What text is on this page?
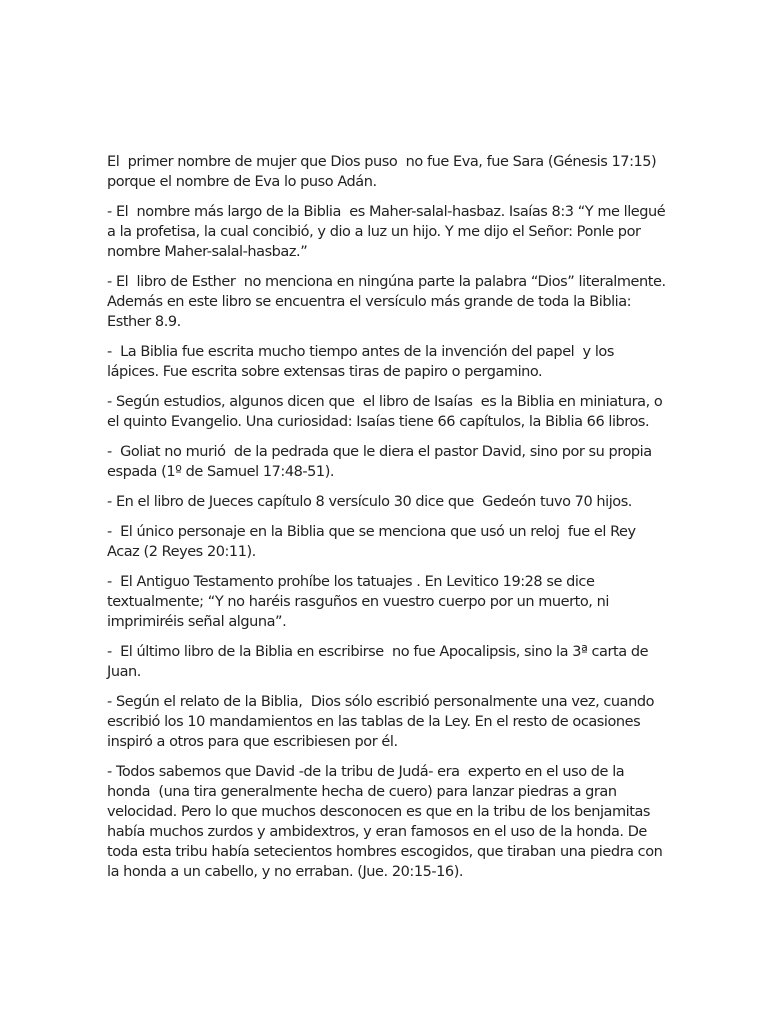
El  primer nombre de mujer que Dios puso  no fue Eva, fue Sara (Génesis 17:15) porque el nombre de Eva lo puso Adán.

- El  nombre más largo de la Biblia  es Maher-salal-hasbaz. Isaías 8:3 “Y me llegué a la profetisa, la cual concibió, y dio a luz un hijo. Y me dijo el Señor: Ponle por nombre Maher-salal-hasbaz.”

- El  libro de Esther  no menciona en ningúna parte la palabra “Dios” literalmente. Además en este libro se encuentra el versículo más grande de toda la Biblia: Esther 8.9.

-  La Biblia fue escrita mucho tiempo antes de la invención del papel  y los lápices. Fue escrita sobre extensas tiras de papiro o pergamino.

- Según estudios, algunos dicen que  el libro de Isaías  es la Biblia en miniatura, o el quinto Evangelio. Una curiosidad: Isaías tiene 66 capítulos, la Biblia 66 libros.

-  Goliat no murió  de la pedrada que le diera el pastor David, sino por su propia espada (1º de Samuel 17:48-51).

- En el libro de Jueces capítulo 8 versículo 30 dice que  Gedeón tuvo 70 hijos.

-  El único personaje en la Biblia que se menciona que usó un reloj  fue el Rey Acaz (2 Reyes 20:11).

-  El Antiguo Testamento prohíbe los tatuajes . En Levitico 19:28 se dice textualmente; “Y no haréis rasguños en vuestro cuerpo por un muerto, ni imprimiréis señal alguna”.

-  El último libro de la Biblia en escribirse  no fue Apocalipsis, sino la 3ª carta de Juan.

- Según el relato de la Biblia,  Dios sólo escribió personalmente una vez, cuando escribió los 10 mandamientos en las tablas de la Ley. En el resto de ocasiones inspiró a otros para que escribiesen por él.

- Todos sabemos que David -de la tribu de Judá- era  experto en el uso de la honda  (una tira generalmente hecha de cuero) para lanzar piedras a gran velocidad. Pero lo que muchos desconocen es que en la tribu de los benjamitas había muchos zurdos y ambidextros, y eran famosos en el uso de la honda. De toda esta tribu había setecientos hombres escogidos, que tiraban una piedra con la honda a un cabello, y no erraban. (Jue. 20:15-16).
